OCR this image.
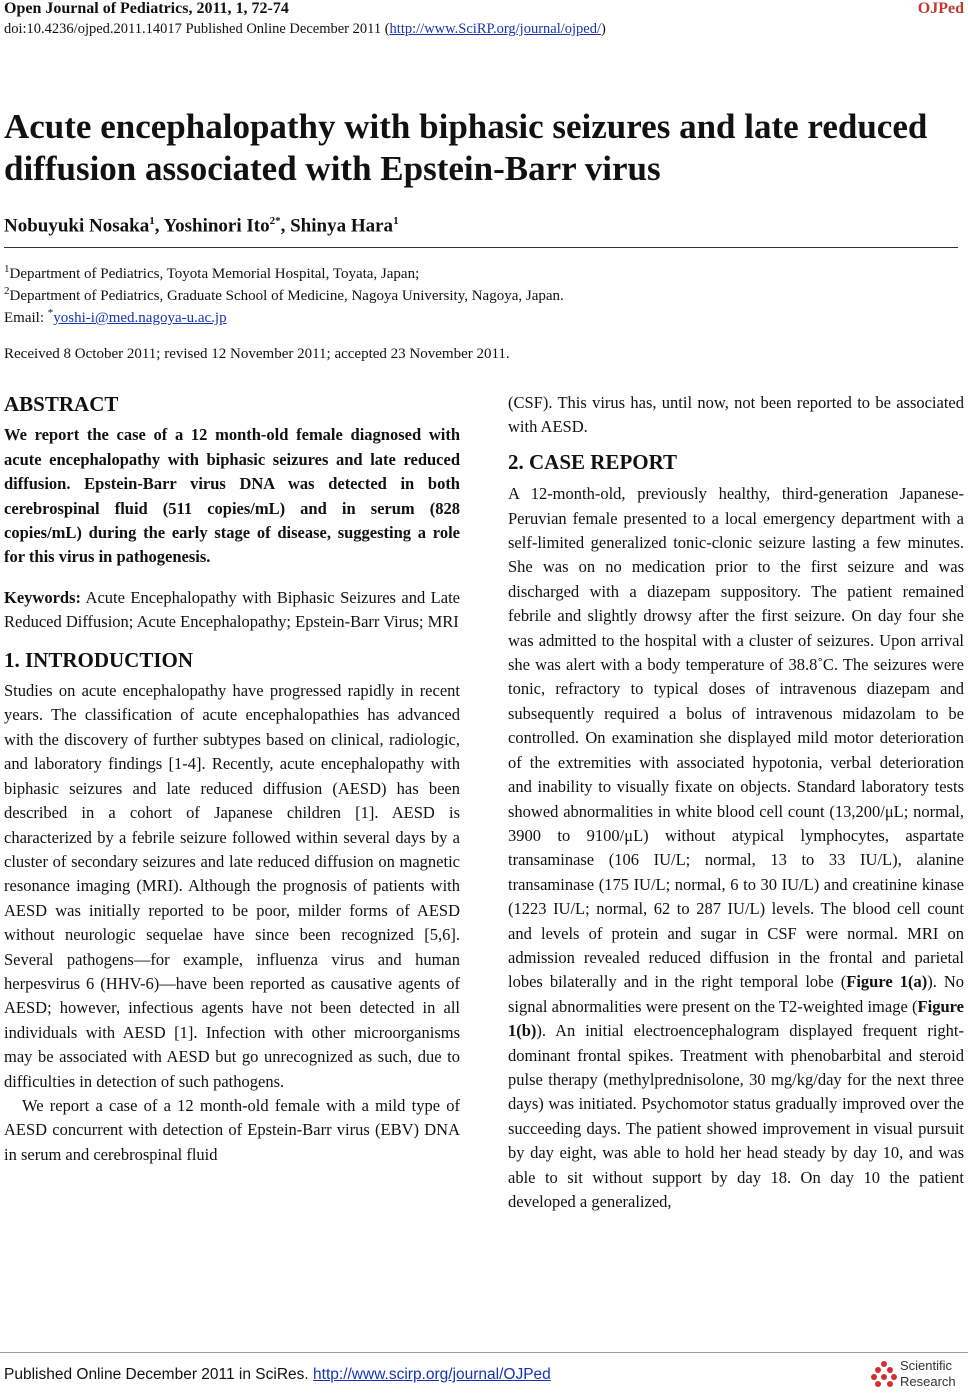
Open Journal of Pediatrics, 2011, 1, 72-74	OJPed
doi:10.4236/ojped.2011.14017 Published Online December 2011 (http://www.SciRP.org/journal/ojped/)
Acute encephalopathy with biphasic seizures and late reduced
diffusion associated with Epstein-Barr virus
Nobuyuki Nosaka$^1$, Yoshinori Ito$^{2*}$, Shinya Hara$^1$
$^1$Department of Pediatrics, Toyota Memorial Hospital, Toyata, Japan;
$^2$Department of Pediatrics, Graduate School of Medicine, Nagoya University, Nagoya, Japan.
Email: *yoshi-i@med.nagoya-u.ac.jp
Received 8 October 2011; revised 12 November 2011; accepted 23 November 2011.
ABSTRACT

We report the case of a 12 month-old female diagnosed with acute encephalopathy with biphasic seizures and late reduced diffusion. Epstein-Barr virus DNA was detected in both cerebrospinal fluid (511 copies/mL) and in serum (828 copies/mL) during the early stage of disease, suggesting a role for this virus in pathogenesis.

Keywords: Acute Encephalopathy with Biphasic Seizures and Late Reduced Diffusion; Acute Encephalopathy; Epstein-Barr Virus; MRI

1. INTRODUCTION

Studies on acute encephalopathy have progressed rapidly in recent years. The classification of acute encephalopathies has advanced with the discovery of further subtypes based on clinical, radiologic, and laboratory findings [1-4]. Recently, acute encephalopathy with biphasic seizures and late reduced diffusion (AESD) has been described in a cohort of Japanese children [1]. AESD is characterized by a febrile seizure followed within several days by a cluster of secondary seizures and late reduced diffusion on magnetic resonance imaging (MRI). Although the prognosis of patients with AESD was initially reported to be poor, milder forms of AESD without neurologic sequelae have since been recognized [5,6]. Several pathogens—for example, influenza virus and human herpesvirus 6 (HHV-6)—have been reported as causative agents of AESD; however, infectious agents have not been detected in all individuals with AESD [1]. Infection with other microorganisms may be associated with AESD but go unrecognized as such, due to difficulties in detection of such pathogens.

We report a case of a 12 month-old female with a mild type of AESD concurrent with detection of Epstein-Barr virus (EBV) DNA in serum and cerebrospinal fluid

(CSF). This virus has, until now, not been reported to be associated with AESD.

2. CASE REPORT

A 12-month-old, previously healthy, third-generation Japanese-Peruvian female presented to a local emergency department with a self-limited generalized tonic-clonic seizure lasting a few minutes. She was on no medication prior to the first seizure and was discharged with a diazepam suppository. The patient remained febrile and slightly drowsy after the first seizure. On day four she was admitted to the hospital with a cluster of seizures. Upon arrival she was alert with a body temperature of 38.8˚C. The seizures were tonic, refractory to typical doses of intravenous diazepam and subsequently required a bolus of intravenous midazolam to be controlled. On examination she displayed mild motor deterioration of the extremities with associated hypotonia, verbal deterioration and inability to visually fixate on objects. Standard laboratory tests showed abnormalities in white blood cell count (13,200/μL; normal, 3900 to 9100/μL) without atypical lymphocytes, aspartate transaminase (106 IU/L; normal, 13 to 33 IU/L), alanine transaminase (175 IU/L; normal, 6 to 30 IU/L) and creatinine kinase (1223 IU/L; normal, 62 to 287 IU/L) levels. The blood cell count and levels of protein and sugar in CSF were normal. MRI on admission revealed reduced diffusion in the frontal and parietal lobes bilaterally and in the right temporal lobe (Figure 1(a)). No signal abnormalities were present on the T2-weighted image (Figure 1(b)). An initial electroencephalogram displayed frequent right-dominant frontal spikes. Treatment with phenobarbital and steroid pulse therapy (methylprednisolone, 30 mg/kg/day for the next three days) was initiated. Psychomotor status gradually improved over the succeeding days. The patient showed improvement in visual pursuit by day eight, was able to hold her head steady by day 10, and was able to sit without support by day 18. On day 10 the patient developed a generalized,

Published Online December 2011 in SciRes. http://www.scirp.org/journal/OJPed
Scientific
Research
